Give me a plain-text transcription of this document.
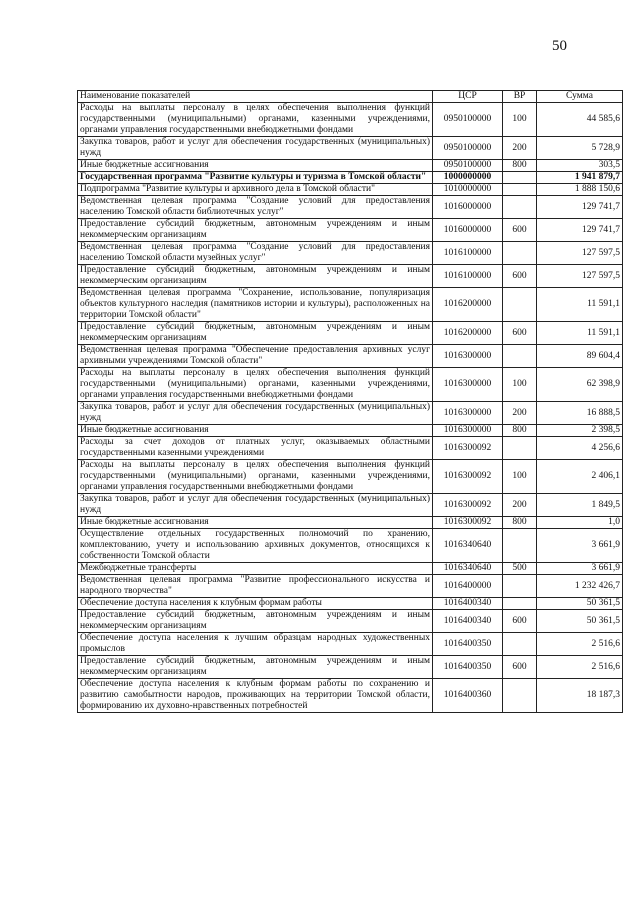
50
Наименование показателей	ЦСР	ВР	Сумма
Расходы на выплаты персоналу в целях обеспечения выполнения функций государственными (муниципальными) органами, казенными учреждениями, органами управления государственными внебюджетными фондами	0950100000	100	44 585,6
Закупка товаров, работ и услуг для обеспечения государственных (муниципальных) нужд	0950100000	200	5 728,9
Иные бюджетные ассигнования	0950100000	800	303,5
Государственная программа "Развитие культуры и туризма в Томской области"	1000000000		1 941 879,7
Подпрограмма "Развитие культуры и архивного дела в Томской области"	1010000000		1 888 150,6
Ведомственная целевая программа "Создание условий для предоставления населению Томской области библиотечных услуг"	1016000000		129 741,7
Предоставление субсидий бюджетным, автономным учреждениям и иным некоммерческим организациям	1016000000	600	129 741,7
Ведомственная целевая программа "Создание условий для предоставления населению Томской области музейных услуг"	1016100000		127 597,5
Предоставление субсидий бюджетным, автономным учреждениям и иным некоммерческим организациям	1016100000	600	127 597,5
Ведомственная целевая программа "Сохранение, использование, популяризация объектов культурного наследия (памятников истории и культуры), расположенных на территории Томской области"	1016200000		11 591,1
Предоставление субсидий бюджетным, автономным учреждениям и иным некоммерческим организациям	1016200000	600	11 591,1
Ведомственная целевая программа "Обеспечение предоставления архивных услуг архивными учреждениями Томской области"	1016300000		89 604,4
Расходы на выплаты персоналу в целях обеспечения выполнения функций государственными (муниципальными) органами, казенными учреждениями, органами управления государственными внебюджетными фондами	1016300000	100	62 398,9
Закупка товаров, работ и услуг для обеспечения государственных (муниципальных) нужд	1016300000	200	16 888,5
Иные бюджетные ассигнования	1016300000	800	2 398,5
Расходы за счет доходов от платных услуг, оказываемых областными государственными казенными учреждениями	1016300092		4 256,6
Расходы на выплаты персоналу в целях обеспечения выполнения функций государственными (муниципальными) органами, казенными учреждениями, органами управления государственными внебюджетными фондами	1016300092	100	2 406,1
Закупка товаров, работ и услуг для обеспечения государственных (муниципальных) нужд	1016300092	200	1 849,5
Иные бюджетные ассигнования	1016300092	800	1,0
Осуществление отдельных государственных полномочий по хранению, комплектованию, учету и использованию архивных документов, относящихся к собственности Томской области	1016340640		3 661,9
Межбюджетные трансферты	1016340640	500	3 661,9
Ведомственная целевая программа "Развитие профессионального искусства и народного творчества"	1016400000		1 232 426,7
Обеспечение доступа населения к клубным формам работы	1016400340		50 361,5
Предоставление субсидий бюджетным, автономным учреждениям и иным некоммерческим организациям	1016400340	600	50 361,5
Обеспечение доступа населения к лучшим образцам народных художественных промыслов	1016400350		2 516,6
Предоставление субсидий бюджетным, автономным учреждениям и иным некоммерческим организациям	1016400350	600	2 516,6
Обеспечение доступа населения к клубным формам работы по сохранению и развитию самобытности народов, проживающих на территории Томской области, формированию их духовно-нравственных потребностей	1016400360		18 187,3
